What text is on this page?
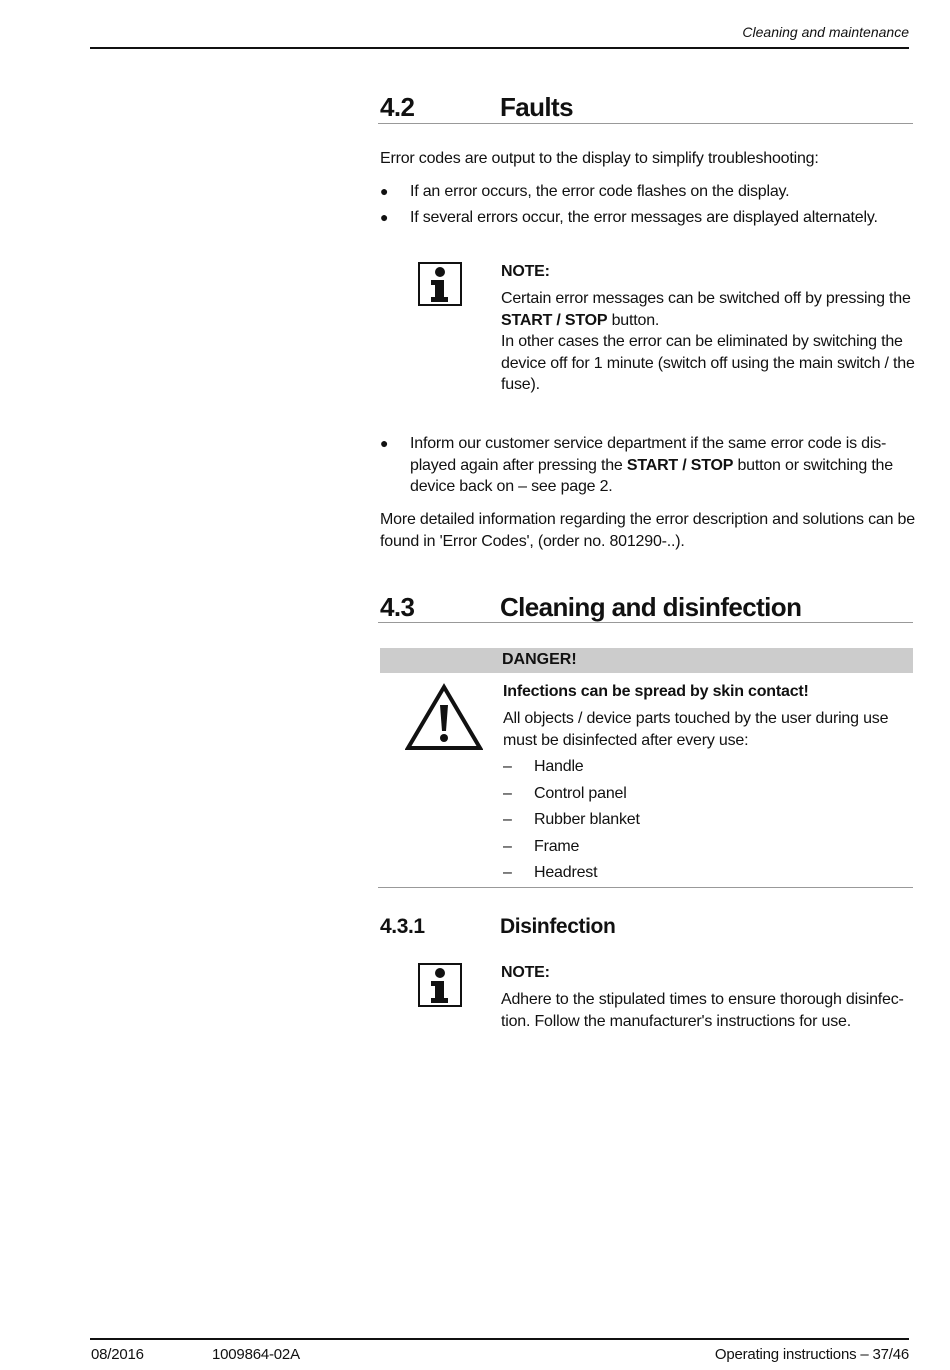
Cleaning and maintenance
4.2	Faults
Error codes are output to the display to simplify troubleshooting:
● If an error occurs, the error code flashes on the display.
● If several errors occur, the error messages are displayed alternately.
NOTE:
Certain error messages can be switched off by pressing the
START / STOP button.
In other cases the error can be eliminated by switching the
device off for 1 minute (switch off using the main switch / the
fuse).
● Inform our customer service department if the same error code is dis-
played again after pressing the START / STOP button or switching the
device back on – see page 2.
More detailed information regarding the error description and solutions can be
found in 'Error Codes', (order no. 801290-..).
4.3	Cleaning and disinfection
DANGER!
Infections can be spread by skin contact!
All objects / device parts touched by the user during use
must be disinfected after every use:
– Handle
– Control panel
– Rubber blanket
– Frame
– Headrest
4.3.1	Disinfection
NOTE:
Adhere to the stipulated times to ensure thorough disinfec-
tion. Follow the manufacturer's instructions for use.
08/2016	1009864-02A	Operating instructions – 37/46
